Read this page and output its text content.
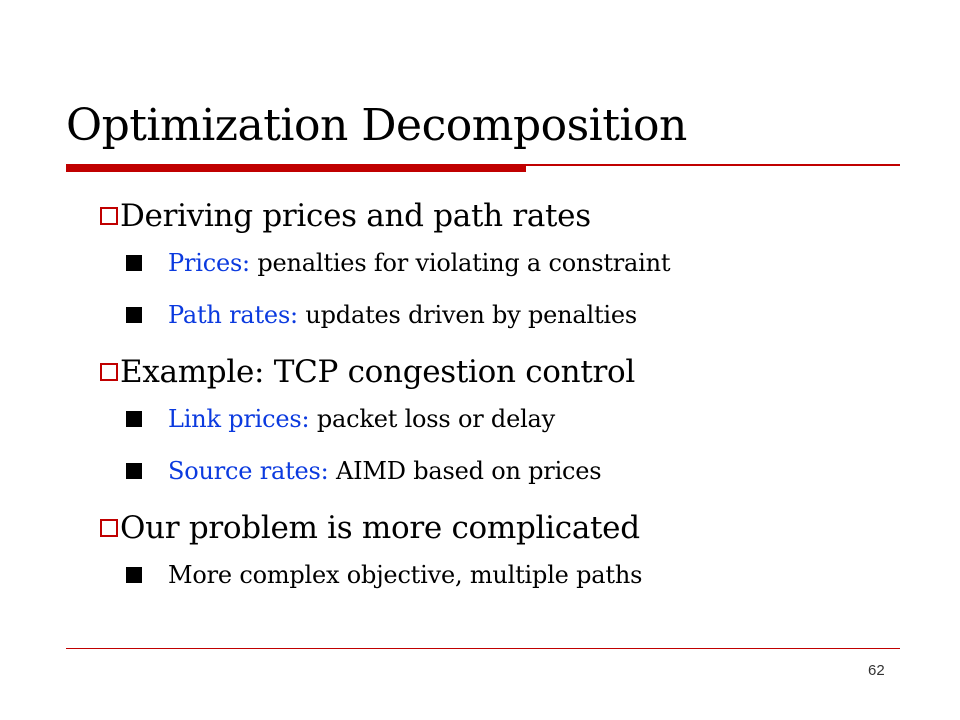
Optimization Decomposition
Deriving prices and path rates
Prices: penalties for violating a constraint
Path rates: updates driven by penalties
Example: TCP congestion control
Link prices: packet loss or delay
Source rates: AIMD based on prices
Our problem is more complicated
More complex objective, multiple paths
62
